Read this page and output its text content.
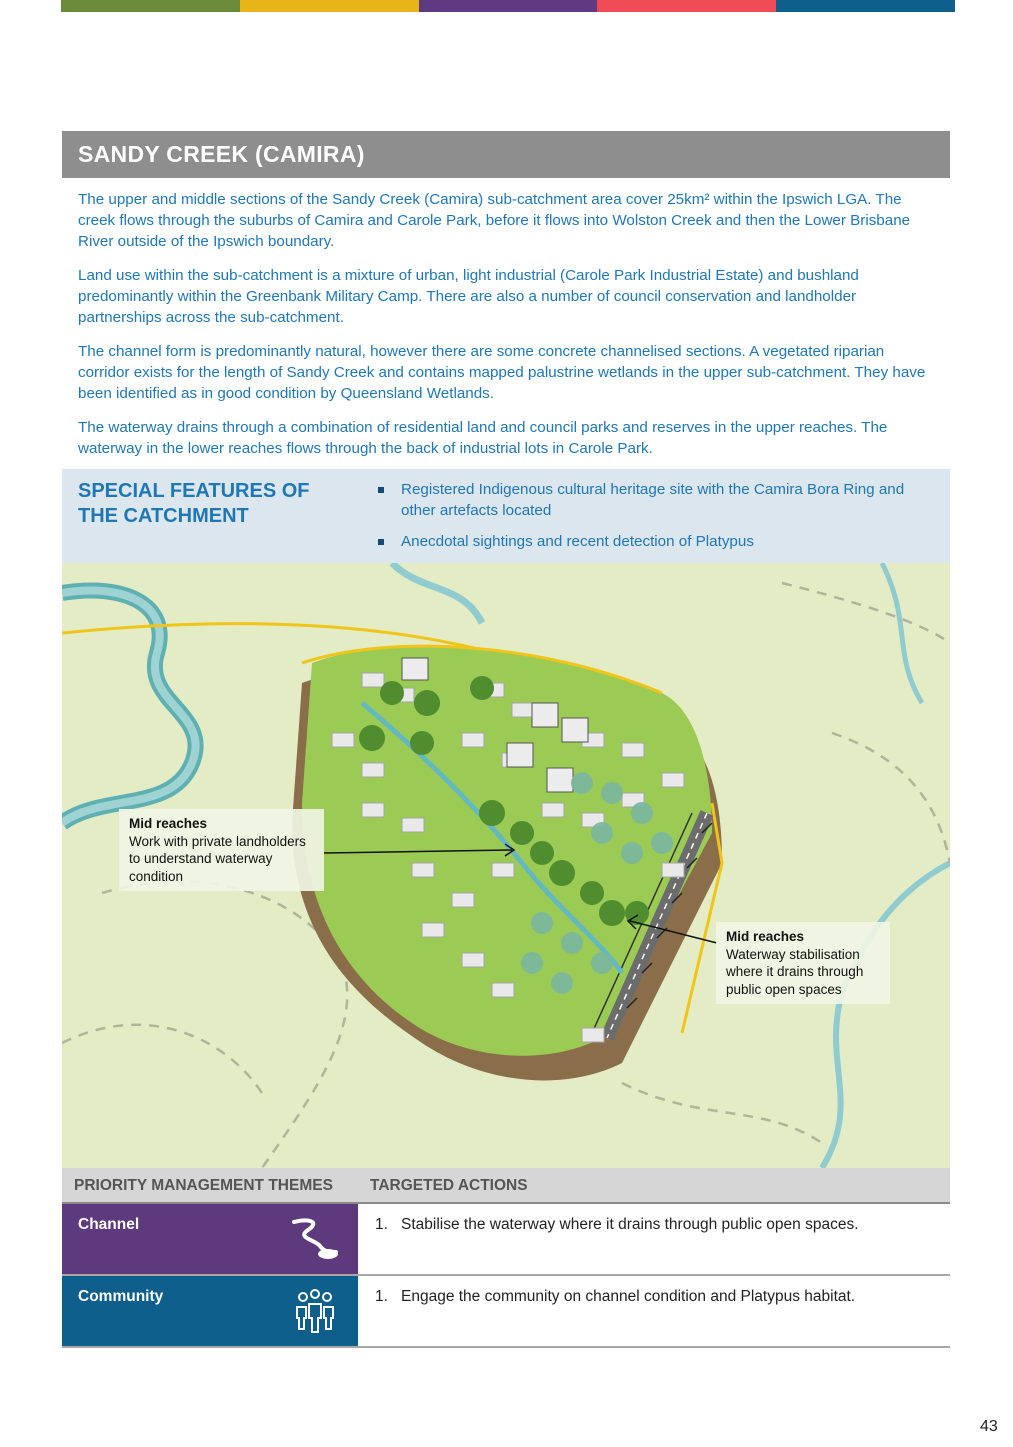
SANDY CREEK (CAMIRA)

The upper and middle sections of the Sandy Creek (Camira) sub-catchment area cover 25km² within the Ipswich LGA. The creek flows through the suburbs of Camira and Carole Park, before it flows into Wolston Creek and then the Lower Brisbane River outside of the Ipswich boundary.

Land use within the sub-catchment is a mixture of urban, light industrial (Carole Park Industrial Estate) and bushland predominantly within the Greenbank Military Camp. There are also a number of council conservation and landholder partnerships across the sub-catchment.

The channel form is predominantly natural, however there are some concrete channelised sections. A vegetated riparian corridor exists for the length of Sandy Creek and contains mapped palustrine wetlands in the upper sub-catchment. They have been identified as in good condition by Queensland Wetlands.

The waterway drains through a combination of residential land and council parks and reserves in the upper reaches. The waterway in the lower reaches flows through the back of industrial lots in Carole Park.

SPECIAL FEATURES OF THE CATCHMENT
Registered Indigenous cultural heritage site with the Camira Bora Ring and other artefacts located
Anecdotal sightings and recent detection of Platypus
Mid reaches
Work with private landholders to understand waterway condition
Mid reaches
Waterway stabilisation where it drains through public open spaces
PRIORITY MANAGEMENT THEMES	TARGETED ACTIONS
Channel	1. Stabilise the waterway where it drains through public open spaces.
Community	1. Engage the community on channel condition and Platypus habitat.
43
